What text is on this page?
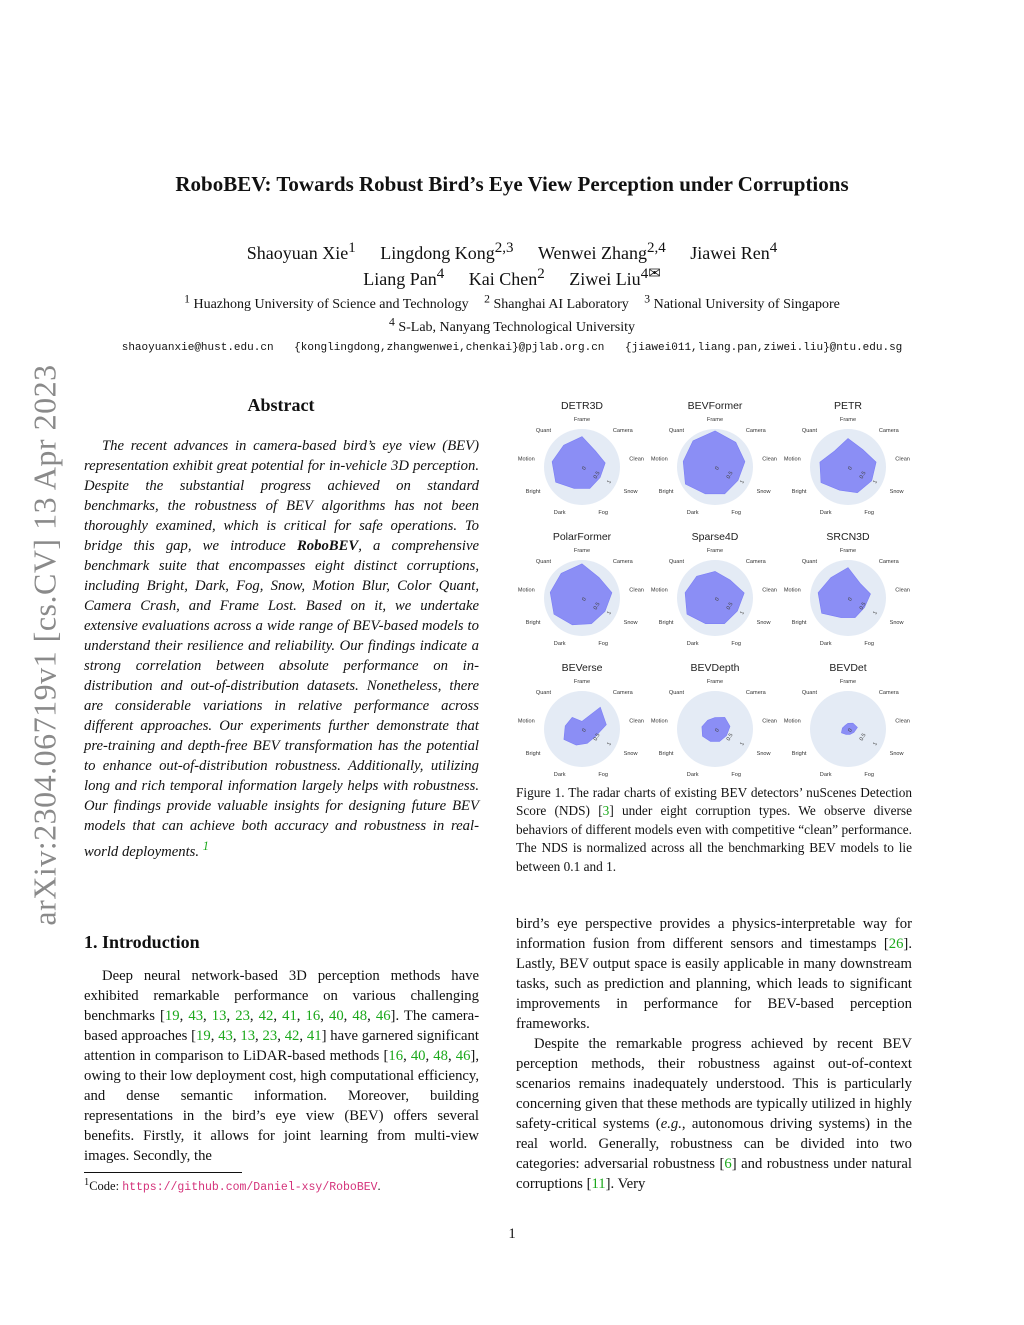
arXiv:2304.06719v1 [cs.CV] 13 Apr 2023
RoboBEV: Towards Robust Bird’s Eye View Perception under Corruptions
Shaoyuan Xie$^1$ Lingdong Kong$^{2,3}$ Wenwei Zhang$^{2,4}$ Jiawei Ren$^4$
Liang Pan$^4$ Kai Chen$^2$ Ziwei Liu$^{4✉}$
$^1$ Huazhong University of Science and Technology $^2$ Shanghai AI Laboratory $^3$ National University of Singapore
$^4$ S-Lab, Nanyang Technological University
shaoyuanxie@hust.edu.cn {konglingdong,zhangwenwei,chenkai}@pjlab.org.cn {jiawei011,liang.pan,ziwei.liu}@ntu.edu.sg
Abstract
The recent advances in camera-based bird’s eye view (BEV) representation exhibit great potential for in-vehicle 3D perception. Despite the substantial progress achieved on standard benchmarks, the robustness of BEV algorithms has not been thoroughly examined, which is critical for safe operations. To bridge this gap, we introduce RoboBEV, a comprehensive benchmark suite that encompasses eight distinct corruptions, including Bright, Dark, Fog, Snow, Motion Blur, Color Quant, Camera Crash, and Frame Lost. Based on it, we undertake extensive evaluations across a wide range of BEV-based models to understand their resilience and reliability. Our findings indicate a strong correlation between absolute performance on in-distribution and out-of-distribution datasets. Nonetheless, there are considerable variations in relative performance across different approaches. Our experiments further demonstrate that pre-training and depth-free BEV transformation has the potential to enhance out-of-distribution robustness. Additionally, utilizing long and rich temporal information largely helps with robustness. Our findings provide valuable insights for designing future BEV models that can achieve both accuracy and robustness in real-world deployments. $^1$
1. Introduction
Deep neural network-based 3D perception methods have exhibited remarkable performance on various challenging benchmarks [19, 43, 13, 23, 42, 41, 16, 40, 48, 46]. The camera-based approaches [19, 43, 13, 23, 42, 41] have garnered significant attention in comparison to LiDAR-based methods [16, 40, 48, 46], owing to their low deployment cost, high computational efficiency, and dense semantic information. Moreover, building representations in the bird’s eye view (BEV) offers several benefits. Firstly, it allows for joint learning from multi-view images. Secondly, the
$^1$Code: https://github.com/Daniel-xsy/RoboBEV.
DETR3D
Frame
Camera
Clean
Snow
Fog
Dark
Bright
Motion
Quant
0
0.5
1
BEVFormer
Frame
Camera
Clean
Snow
Fog
Dark
Bright
Motion
Quant
0
0.5
1
PETR
Frame
Camera
Clean
Snow
Fog
Dark
Bright
Motion
Quant
0
0.5
1
PolarFormer
Frame
Camera
Clean
Snow
Fog
Dark
Bright
Motion
Quant
0
0.5
1
Sparse4D
Frame
Camera
Clean
Snow
Fog
Dark
Bright
Motion
Quant
0
0.5
1
SRCN3D
Frame
Camera
Clean
Snow
Fog
Dark
Bright
Motion
Quant
0
0.5
1
BEVerse
Frame
Camera
Clean
Snow
Fog
Dark
Bright
Motion
Quant
0
0.5
1
BEVDepth
Frame
Camera
Clean
Snow
Fog
Dark
Bright
Motion
Quant
0
0.5
1
BEVDet
Frame
Camera
Clean
Snow
Fog
Dark
Bright
Motion
Quant
0
0.5
1
Figure 1. The radar charts of existing BEV detectors’ nuScenes Detection Score (NDS) [3] under eight corruption types. We observe diverse behaviors of different models even with competitive “clean” performance. The NDS is normalized across all the benchmarking BEV models to lie between 0.1 and 1.

bird’s eye perspective provides a physics-interpretable way for information fusion from different sensors and timestamps [26]. Lastly, BEV output space is easily applicable in many downstream tasks, such as prediction and planning, which leads to significant improvements in performance for BEV-based perception frameworks.

Despite the remarkable progress achieved by recent BEV perception methods, their robustness against out-of-context scenarios remains inadequately understood. This is particularly concerning given that these methods are typically utilized in highly safety-critical systems (e.g., autonomous driving systems) in the real world. Generally, robustness can be divided into two categories: adversarial robustness [6] and robustness under natural corruptions [11]. Very

1
